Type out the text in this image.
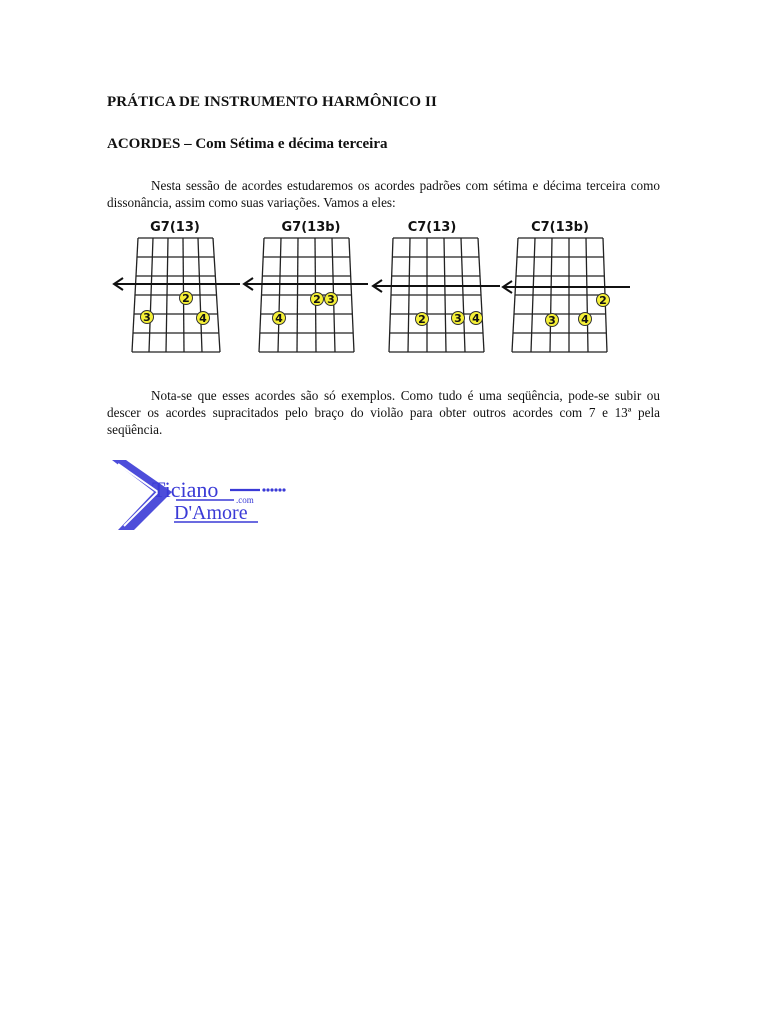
PRÁTICA DE INSTRUMENTO HARMÔNICO II
ACORDES – Com Sétima e décima terceira
Nesta sessão de acordes estudaremos os acordes padrões com sétima e décima terceira como dissonância, assim como suas variações. Vamos a eles:
G7(13)
3
2
4
G7(13b)
4
2 3
C7(13)
2	3 4
C7(13b)
3 4
2
Nota-se que esses acordes são só exemplos. Como tudo é uma seqüência, pode-se subir ou descer os acordes supracitados pelo braço do violão para obter outros acordes com 7 e 13ª pela seqüência.
Ticiano .com
D'Amore
